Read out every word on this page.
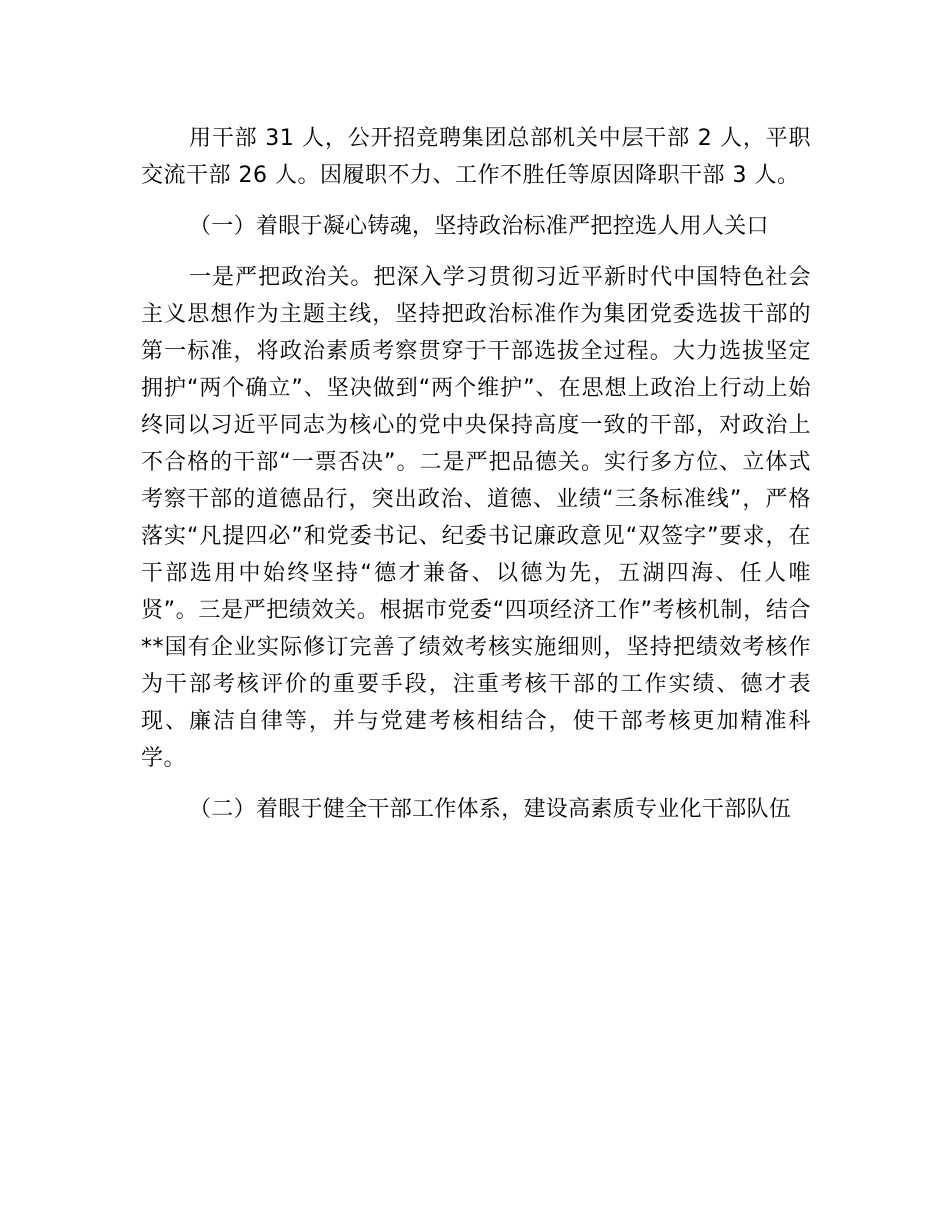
用干部 31 人，公开招竞聘集团总部机关中层干部 2 人，平职交流干部 26 人。因履职不力、工作不胜任等原因降职干部 3 人。

（一）着眼于凝心铸魂，坚持政治标准严把控选人用人关口

一是严把政治关。把深入学习贯彻习近平新时代中国特色社会主义思想作为主题主线，坚持把政治标准作为集团党委选拔干部的第一标准，将政治素质考察贯穿于干部选拔全过程。大力选拔坚定拥护“两个确立”、坚决做到“两个维护”、在思想上政治上行动上始终同以习近平同志为核心的党中央保持高度一致的干部，对政治上不合格的干部“一票否决”。二是严把品德关。实行多方位、立体式考察干部的道德品行，突出政治、道德、业绩“三条标准线”，严格落实“凡提四必”和党委书记、纪委书记廉政意见“双签字”要求，在干部选用中始终坚持“德才兼备、以德为先，五湖四海、任人唯贤”。三是严把绩效关。根据市党委“四项经济工作”考核机制，结合**国有企业实际修订完善了绩效考核实施细则，坚持把绩效考核作为干部考核评价的重要手段，注重考核干部的工作实绩、德才表现、廉洁自律等，并与党建考核相结合，使干部考核更加精准科学。

（二）着眼于健全干部工作体系，建设高素质专业化干部队伍
